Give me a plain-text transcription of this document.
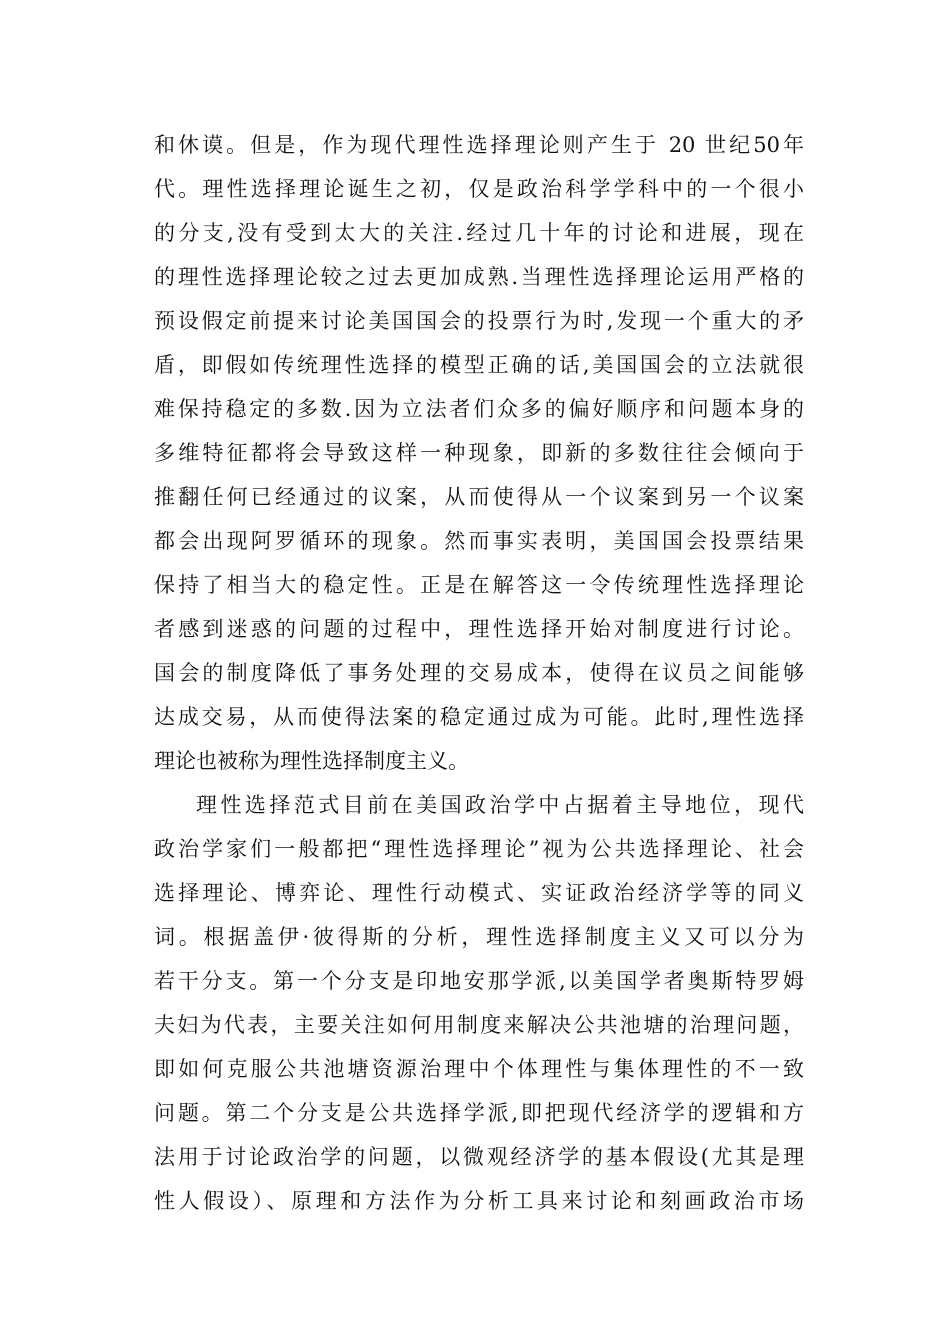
和休谟。但是，作为现代理性选择理论则产生于 20 世纪50年
代。理性选择理论诞生之初，仅是政治科学学科中的一个很小
的分支,没有受到太大的关注.经过几十年的讨论和进展，现在
的理性选择理论较之过去更加成熟.当理性选择理论运用严格的
预设假定前提来讨论美国国会的投票行为时,发现一个重大的矛
盾，即假如传统理性选择的模型正确的话,美国国会的立法就很
难保持稳定的多数.因为立法者们众多的偏好顺序和问题本身的
多维特征都将会导致这样一种现象，即新的多数往往会倾向于
推翻任何已经通过的议案，从而使得从一个议案到另一个议案
都会出现阿罗循环的现象。然而事实表明，美国国会投票结果
保持了相当大的稳定性。正是在解答这一令传统理性选择理论
者感到迷惑的问题的过程中，理性选择开始对制度进行讨论。
国会的制度降低了事务处理的交易成本，使得在议员之间能够
达成交易，从而使得法案的稳定通过成为可能。此时,理性选择
理论也被称为理性选择制度主义。
理性选择范式目前在美国政治学中占据着主导地位，现代
政治学家们一般都把“理性选择理论”视为公共选择理论、社会
选择理论、博弈论、理性行动模式、实证政治经济学等的同义
词。根据盖伊·彼得斯的分析，理性选择制度主义又可以分为
若干分支。第一个分支是印地安那学派,以美国学者奥斯特罗姆
夫妇为代表，主要关注如何用制度来解决公共池塘的治理问题，
即如何克服公共池塘资源治理中个体理性与集体理性的不一致
问题。第二个分支是公共选择学派,即把现代经济学的逻辑和方
法用于讨论政治学的问题，以微观经济学的基本假设(尤其是理
性人假设）、原理和方法作为分析工具来讨论和刻画政治市场
